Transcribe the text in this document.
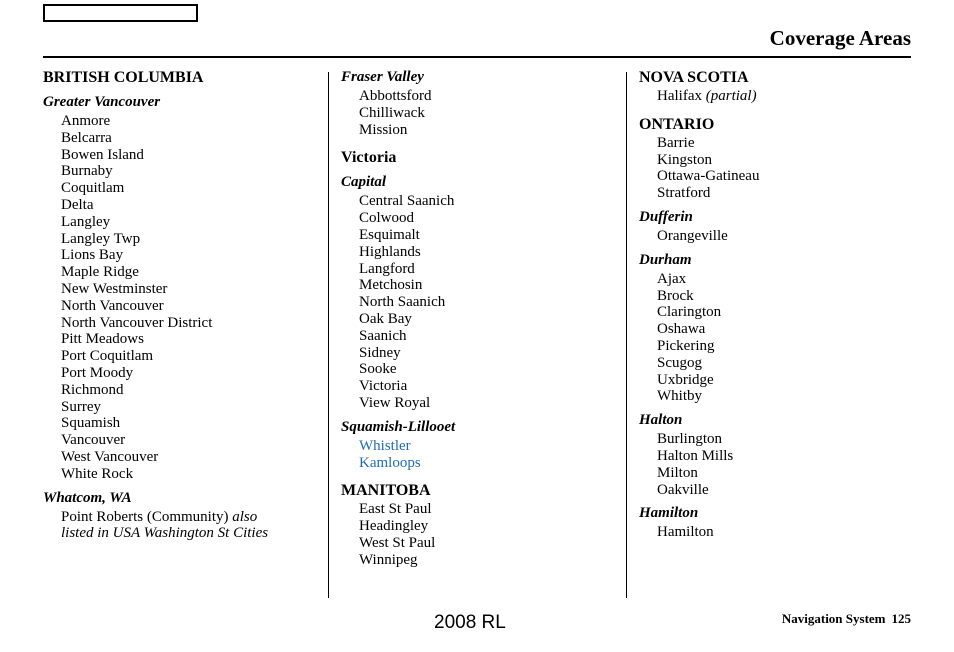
Coverage Areas
BRITISH COLUMBIA
Greater Vancouver
Anmore
Belcarra
Bowen Island
Burnaby
Coquitlam
Delta
Langley
Langley Twp
Lions Bay
Maple Ridge
New Westminster
North Vancouver
North Vancouver District
Pitt Meadows
Port Coquitlam
Port Moody
Richmond
Surrey
Squamish
Vancouver
West Vancouver
White Rock
Whatcom, WA
Point Roberts (Community) also
listed in USA Washington St Cities
Fraser Valley
Abbottsford
Chilliwack
Mission
Victoria
Capital
Central Saanich
Colwood
Esquimalt
Highlands
Langford
Metchosin
North Saanich
Oak Bay
Saanich
Sidney
Sooke
Victoria
View Royal
Squamish-Lillooet
Whistler
Kamloops
MANITOBA
East St Paul
Headingley
West St Paul
Winnipeg
NOVA SCOTIA
Halifax (partial)
ONTARIO
Barrie
Kingston
Ottawa-Gatineau
Stratford
Dufferin
Orangeville
Durham
Ajax
Brock
Clarington
Oshawa
Pickering
Scugog
Uxbridge
Whitby
Halton
Burlington
Halton Mills
Milton
Oakville
Hamilton
Hamilton
Navigation System 125
2008 RL
